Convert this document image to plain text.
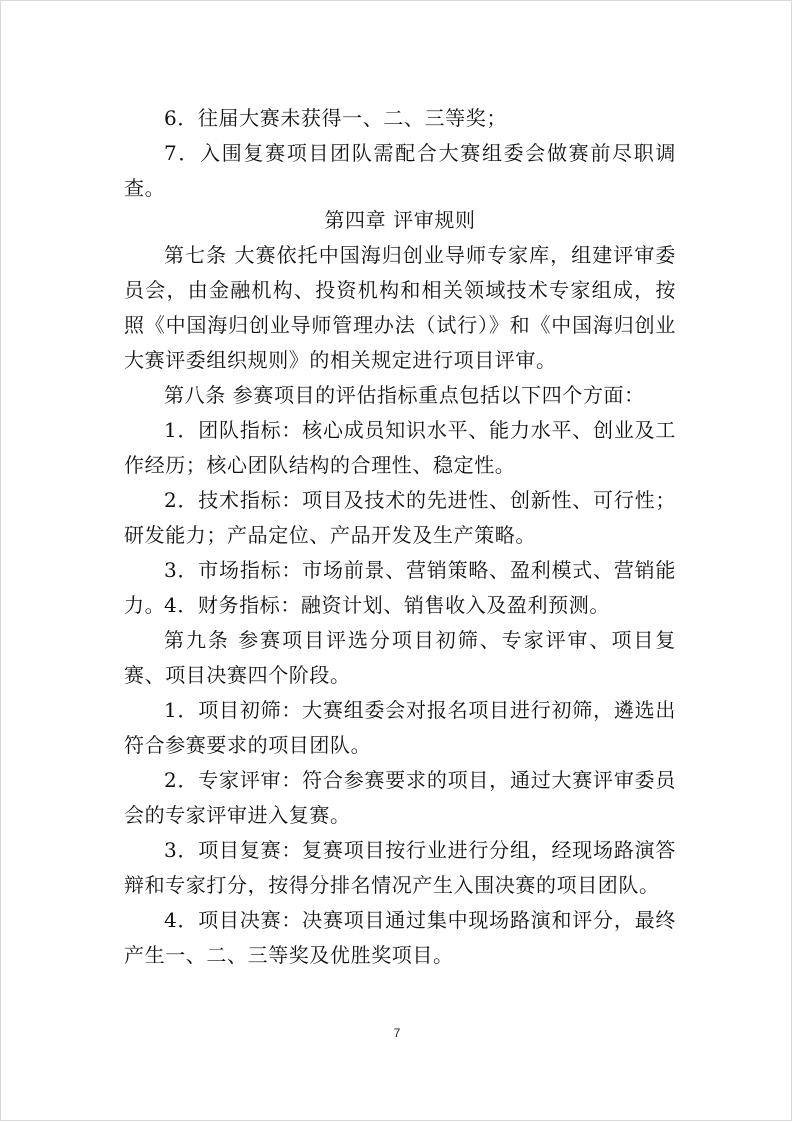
6．往届大赛未获得一、二、三等奖；

7．入围复赛项目团队需配合大赛组委会做赛前尽职调查。

第四章 评审规则

第七条 大赛依托中国海归创业导师专家库，组建评审委员会，由金融机构、投资机构和相关领域技术专家组成，按照《中国海归创业导师管理办法（试行）》和《中国海归创业大赛评委组织规则》的相关规定进行项目评审。

第八条 参赛项目的评估指标重点包括以下四个方面：

1．团队指标：核心成员知识水平、能力水平、创业及工作经历；核心团队结构的合理性、稳定性。

2．技术指标：项目及技术的先进性、创新性、可行性；研发能力；产品定位、产品开发及生产策略。

3．市场指标：市场前景、营销策略、盈利模式、营销能力。

4．财务指标：融资计划、销售收入及盈利预测。

第九条 参赛项目评选分项目初筛、专家评审、项目复赛、项目决赛四个阶段。

1．项目初筛：大赛组委会对报名项目进行初筛，遴选出符合参赛要求的项目团队。

2．专家评审：符合参赛要求的项目，通过大赛评审委员会的专家评审进入复赛。

3．项目复赛：复赛项目按行业进行分组，经现场路演答辩和专家打分，按得分排名情况产生入围决赛的项目团队。

4．项目决赛：决赛项目通过集中现场路演和评分，最终产生一、二、三等奖及优胜奖项目。

7
